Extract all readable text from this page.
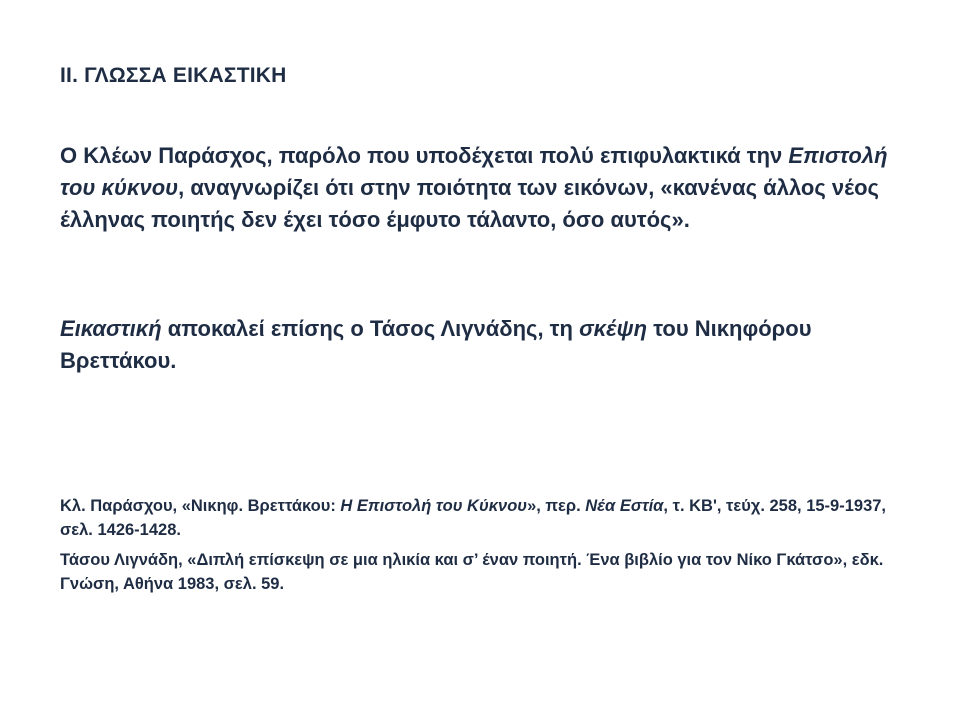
II. ΓΛΩΣΣΑ ΕΙΚΑΣΤΙΚΗ

Ο Κλέων Παράσχος, παρόλο που υποδέχεται πολύ επιφυλακτικά την Επιστολή του κύκνου, αναγνωρίζει ότι στην ποιότητα των εικόνων, «κανένας άλλος νέος έλληνας ποιητής δεν έχει τόσο έμφυτο τάλαντο, όσο αυτός».

Εικαστική αποκαλεί επίσης ο Τάσος Λιγνάδης, τη σκέψη του Νικηφόρου Βρεττάκου.

Κλ. Παράσχου, «Νικηφ. Βρεττάκου: Η Επιστολή του Κύκνου», περ. Νέα Εστία, τ. ΚΒ', τεύχ. 258, 15-9-1937, σελ. 1426-1428.

Τάσου Λιγνάδη, «Διπλή επίσκεψη σε μια ηλικία και σ’ έναν ποιητή. Ένα βιβλίο για τον Νίκο Γκάτσο», εδκ. Γνώση, Αθήνα 1983, σελ. 59.
